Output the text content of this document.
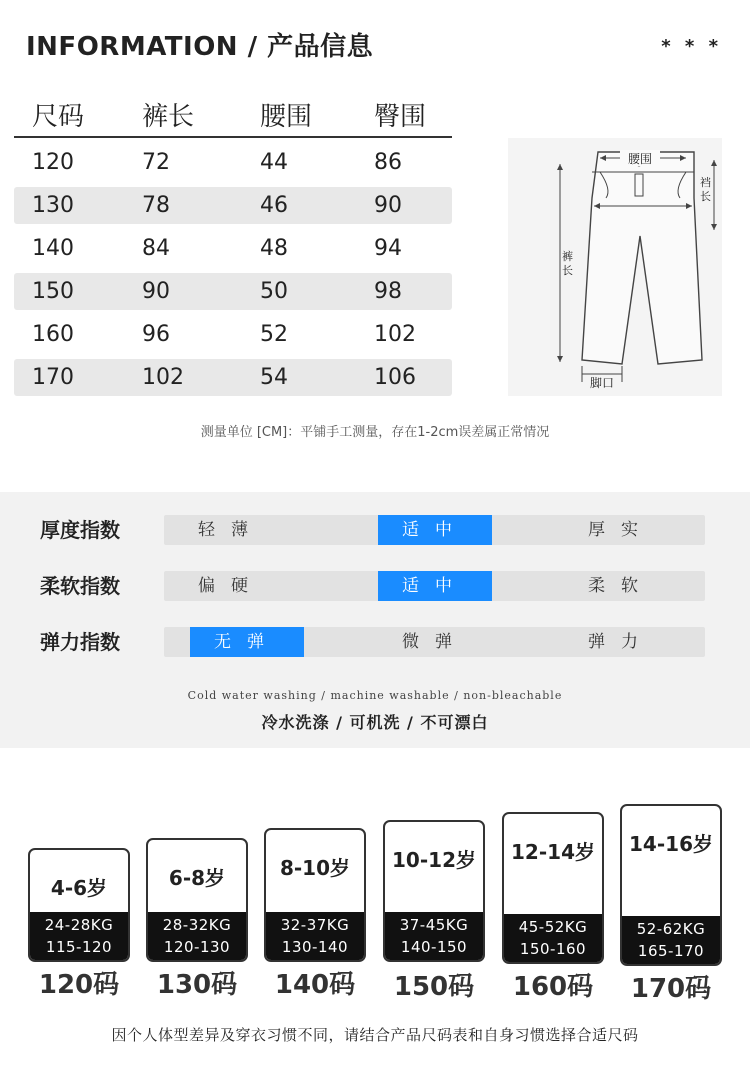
INFORMATION / 产品信息	* * *
尺码	裤长	腰围	臀围
120	72	44	86
130	78	46	90
140	84	48	94
150	90	50	98
160	96	52	102
170	102	54	106
腰围
裆 长
裤 长
脚口
测量单位 [CM]：平铺手工测量，存在1-2cm误差属正常情况
厚度指数	轻薄	适中	厚实
柔软指数	偏硬	适中	柔软
弹力指数	无弹	微弹	弹力
Cold water washing / machine washable / non-bleachable
冷水洗涤 / 可机洗 / 不可漂白
4-6岁
24-28KG
115-120
120码
6-8岁
28-32KG
120-130
130码
8-10岁
32-37KG
130-140
140码
10-12岁
37-45KG
140-150
150码
12-14岁
45-52KG
150-160
160码
14-16岁
52-62KG
165-170
170码
因个人体型差异及穿衣习惯不同，请结合产品尺码表和自身习惯选择合适尺码
